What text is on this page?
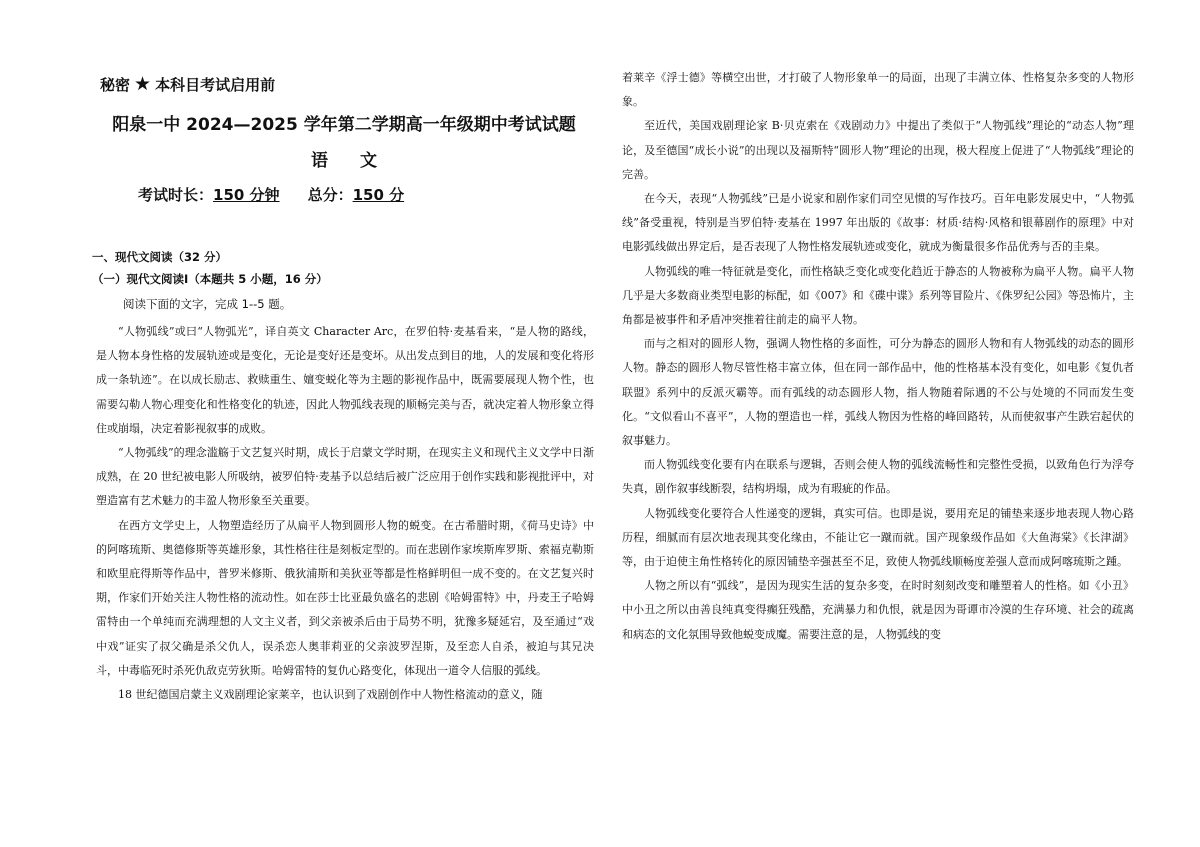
秘密 ★ 本科目考试启用前
阳泉一中 2024—2025 学年第二学期高一年级期中考试试题
语文
考试时长：150 分钟 总分：150 分
一、现代文阅读（32 分）
（一）现代文阅读Ⅰ（本题共 5 小题，16 分）
阅读下面的文字，完成 1--5 题。

“人物弧线”或曰“人物弧光”，译自英文 Character Arc，在罗伯特·麦基看来，“是人物的路线，是人物本身性格的发展轨迹或是变化，无论是变好还是变坏。从出发点到目的地，人的发展和变化将形成一条轨迹”。在以成长励志、救赎重生、嬗变蜕化等为主题的影视作品中，既需要展现人物个性，也需要勾勒人物心理变化和性格变化的轨迹，因此人物弧线表现的顺畅完美与否，就决定着人物形象立得住或崩塌，决定着影视叙事的成败。

“人物弧线”的理念滥觞于文艺复兴时期，成长于启蒙文学时期，在现实主义和现代主义文学中日渐成熟，在 20 世纪被电影人所吸纳，被罗伯特·麦基予以总结后被广泛应用于创作实践和影视批评中，对塑造富有艺术魅力的丰盈人物形象至关重要。

在西方文学史上，人物塑造经历了从扁平人物到圆形人物的蜕变。在古希腊时期，《荷马史诗》中的阿喀琉斯、奥德修斯等英雄形象，其性格往往是刻板定型的。而在悲剧作家埃斯库罗斯、索福克勒斯和欧里庇得斯等作品中，普罗米修斯、俄狄浦斯和美狄亚等都是性格鲜明但一成不变的。在文艺复兴时期，作家们开始关注人物性格的流动性。如在莎士比亚最负盛名的悲剧《哈姆雷特》中，丹麦王子哈姆雷特由一个单纯而充满理想的人文主义者，到父亲被杀后由于局势不明，犹豫多疑延宕，及至通过“戏中戏”证实了叔父确是杀父仇人，误杀恋人奥菲莉亚的父亲波罗涅斯，及至恋人自杀，被迫与其兄决斗，中毒临死时杀死仇敌克劳狄斯。哈姆雷特的复仇心路变化，体现出一道令人信服的弧线。

18 世纪德国启蒙主义戏剧理论家莱辛，也认识到了戏剧创作中人物性格流动的意义，随

着莱辛《浮士德》等横空出世，才打破了人物形象单一的局面，出现了丰满立体、性格复杂多变的人物形象。

至近代，美国戏剧理论家 B·贝克索在《戏剧动力》中提出了类似于“人物弧线”理论的“动态人物”理论，及至德国“成长小说”的出现以及福斯特“圆形人物”理论的出现，极大程度上促进了“人物弧线”理论的完善。

在今天，表现“人物弧线”已是小说家和剧作家们司空见惯的写作技巧。百年电影发展史中，“人物弧线”备受重视，特别是当罗伯特·麦基在 1997 年出版的《故事：材质·结构·风格和银幕剧作的原理》中对电影弧线做出界定后，是否表现了人物性格发展轨迹或变化，就成为衡量很多作品优秀与否的圭臬。

人物弧线的唯一特征就是变化，而性格缺乏变化或变化趋近于静态的人物被称为扁平人物。扁平人物几乎是大多数商业类型电影的标配，如《007》和《碟中谍》系列等冒险片、《侏罗纪公园》等恐怖片，主角都是被事件和矛盾冲突推着往前走的扁平人物。

而与之相对的圆形人物，强调人物性格的多面性，可分为静态的圆形人物和有人物弧线的动态的圆形人物。静态的圆形人物尽管性格丰富立体，但在同一部作品中，他的性格基本没有变化，如电影《复仇者联盟》系列中的反派灭霸等。而有弧线的动态圆形人物，指人物随着际遇的不公与处境的不同而发生变化。“文似看山不喜平”，人物的塑造也一样，弧线人物因为性格的峰回路转，从而使叙事产生跌宕起伏的叙事魅力。

而人物弧线变化要有内在联系与逻辑，否则会使人物的弧线流畅性和完整性受损，以致角色行为浮夸失真，剧作叙事线断裂，结构坍塌，成为有瑕疵的作品。

人物弧线变化要符合人性递变的逻辑，真实可信。也即是说，要用充足的铺垫来逐步地表现人物心路历程，细腻而有层次地表现其变化缘由，不能让它一蹴而就。国产现象级作品如《大鱼海棠》《长津湖》等，由于迫使主角性格转化的原因铺垫辛强甚至不足，致使人物弧线顺畅度差强人意而成阿喀琉斯之踵。

人物之所以有“弧线”，是因为现实生活的复杂多变，在时时刻刻改变和雕塑着人的性格。如《小丑》中小丑之所以由善良纯真变得癫狂残酷，充满暴力和仇恨，就是因为哥谭市冷漠的生存环境、社会的疏离和病态的文化氛围导致他蜕变成魔。需要注意的是，人物弧线的变
